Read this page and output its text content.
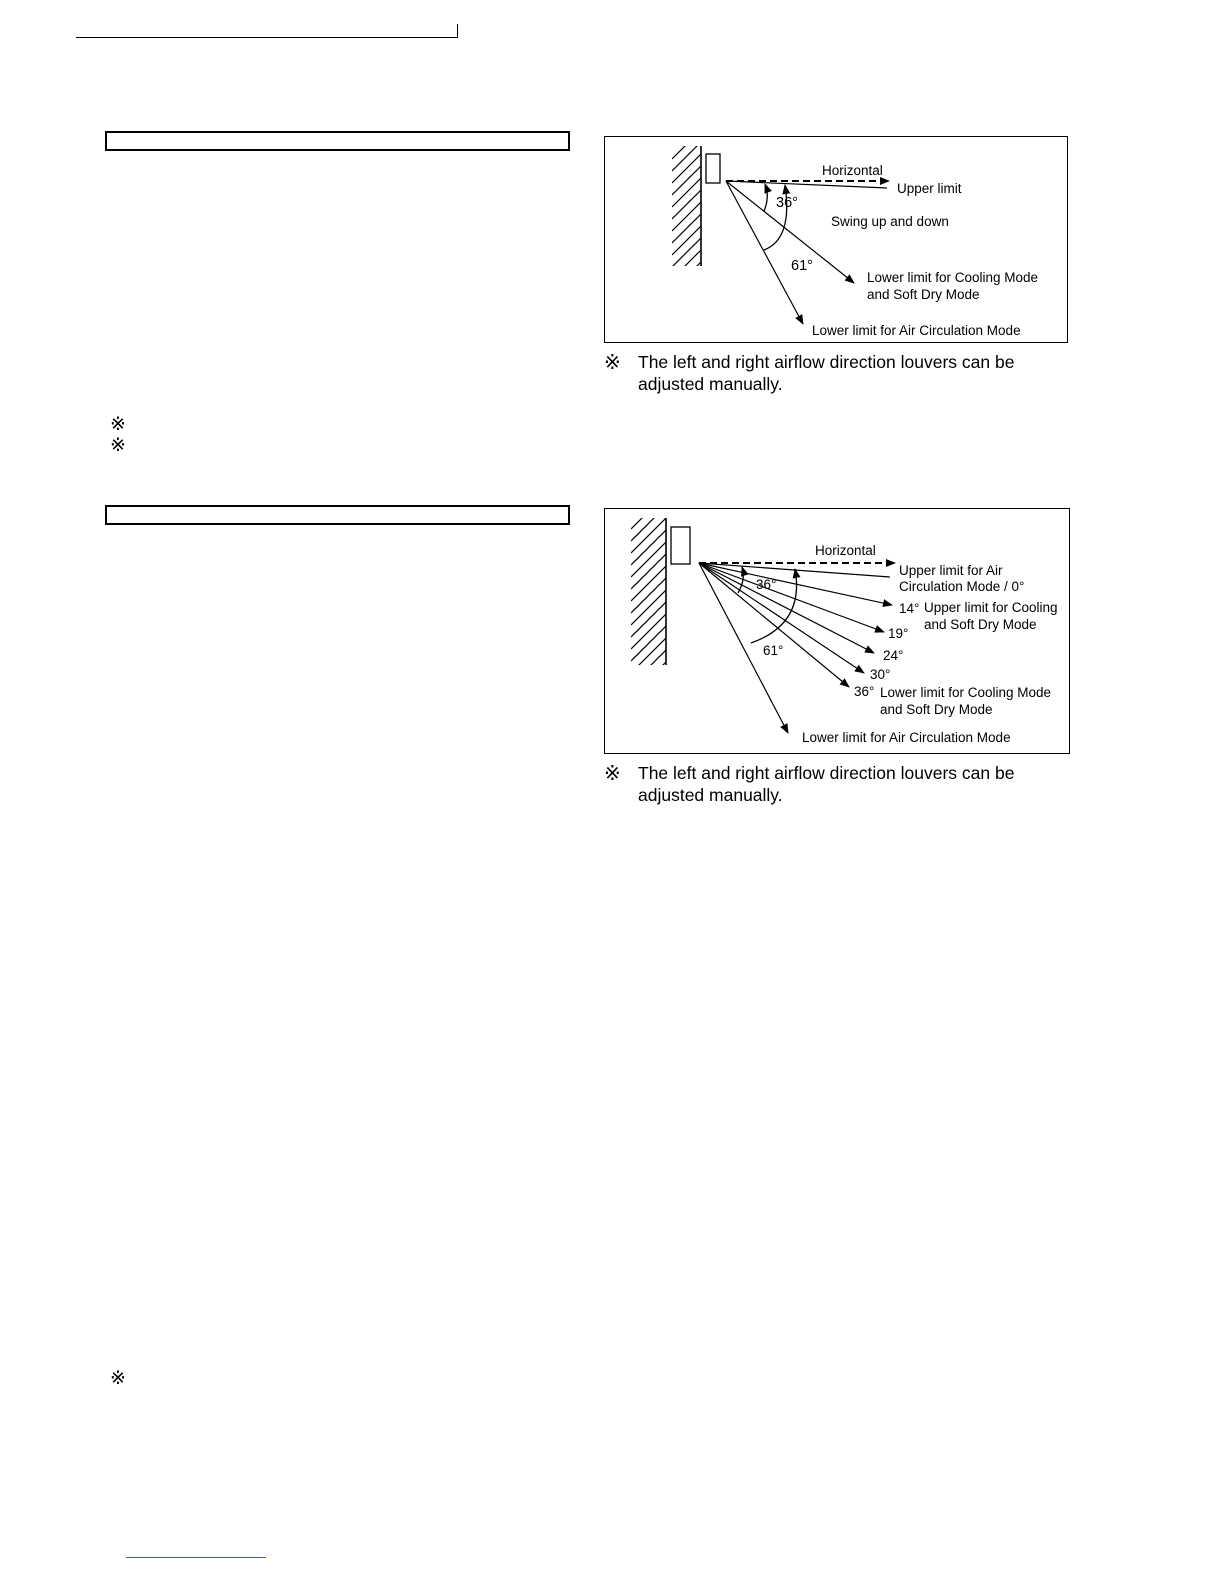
※
※
※
Horizontal
Upper limit
36°
Swing up and down
61°
Lower limit for Cooling Mode
and Soft Dry Mode
Lower limit for Air Circulation Mode
※ The left and right airflow direction louvers can be adjusted manually.
Horizontal
Upper limit for Air
Circulation Mode / 0°
36°
14° Upper limit for Cooling
and Soft Dry Mode
19°
24°
61°
30°
36° Lower limit for Cooling Mode
and Soft Dry Mode
Lower limit for Air Circulation Mode
※ The left and right airflow direction louvers can be adjusted manually.
